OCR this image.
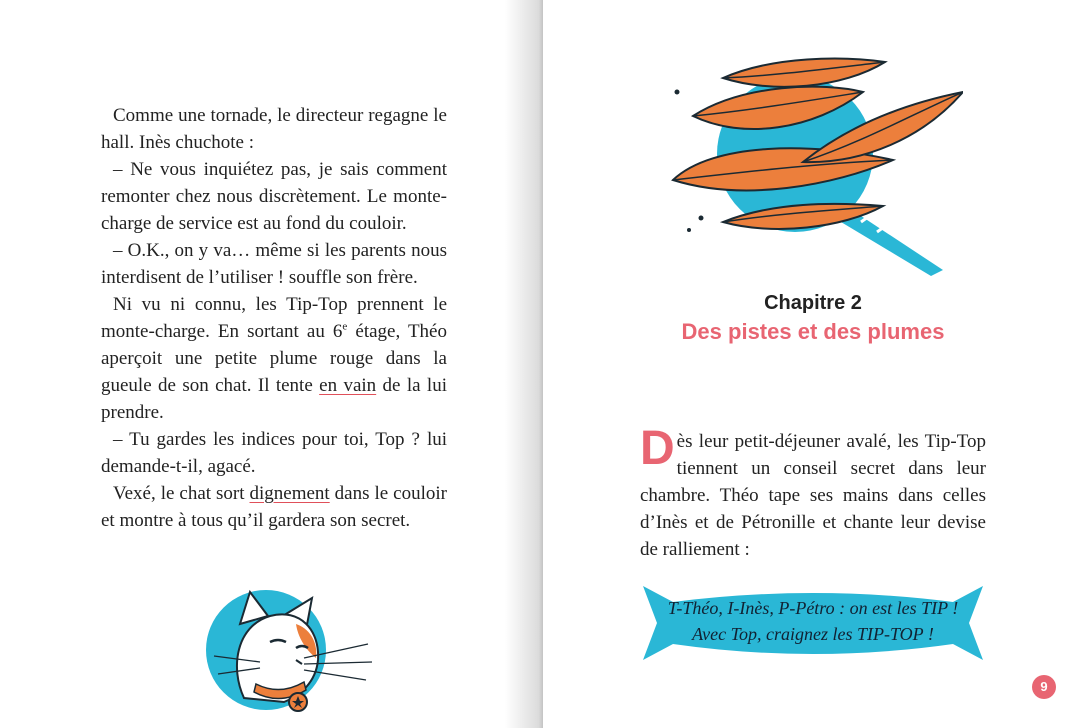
Comme une tornade, le directeur regagne le hall. Inès chuchote :

– Ne vous inquiétez pas, je sais comment remonter chez nous discrètement. Le monte-charge de service est au fond du couloir.

– O.K., on y va… même si les parents nous interdisent de l’utiliser ! souffle son frère.

Ni vu ni connu, les Tip-Top prennent le monte-charge. En sortant au 6e étage, Théo aperçoit une petite plume rouge dans la gueule de son chat. Il tente en vain de la lui prendre.

– Tu gardes les indices pour toi, Top ? lui demande-t-il, agacé.

Vexé, le chat sort dignement dans le couloir et montre à tous qu’il gardera son secret.

Chapitre 2
Des pistes et des plumes

Dès leur petit-déjeuner avalé, les Tip-Top tiennent un conseil secret dans leur chambre. Théo tape ses mains dans celles d’Inès et de Pétronille et chante leur devise de ralliement :

T-Théo, I-Inès, P-Pétro : on est les TIP !
Avec Top, craignez les TIP-TOP !
9
